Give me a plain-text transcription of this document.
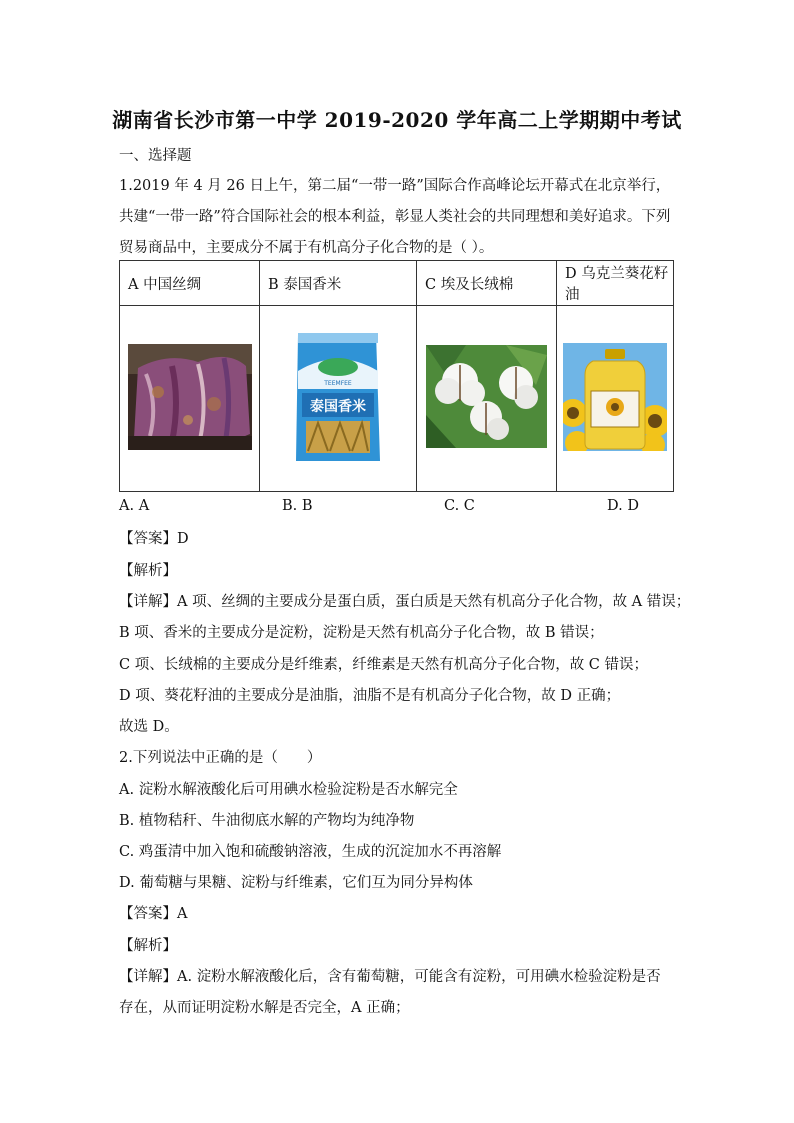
湖南省长沙市第一中学 2019-2020 学年高二上学期期中考试
一、选择题
1.2019 年 4 月 26 日上午，第二届“一带一路”国际合作高峰论坛开幕式在北京举行，共建“一带一路”符合国际社会的根本利益，彰显人类社会的共同理想和美好追求。下列贸易商品中，主要成分不属于有机高分子化合物的是（ ）。
A 中国丝绸	B 泰国香米	C 埃及长绒棉	D 乌克兰葵花籽油

TEEMFEE
泰国香米

A. A	B. B	C. C	D. D
【答案】D
【解析】
【详解】A 项、丝绸的主要成分是蛋白质，蛋白质是天然有机高分子化合物，故 A 错误；
B 项、香米的主要成分是淀粉，淀粉是天然有机高分子化合物，故 B 错误；
C 项、长绒棉的主要成分是纤维素，纤维素是天然有机高分子化合物，故 C 错误；
D 项、葵花籽油的主要成分是油脂，油脂不是有机高分子化合物，故 D 正确；
故选 D。
2.下列说法中正确的是（　　）
A. 淀粉水解液酸化后可用碘水检验淀粉是否水解完全
B. 植物秸秆、牛油彻底水解的产物均为纯净物
C. 鸡蛋清中加入饱和硫酸钠溶液，生成的沉淀加水不再溶解
D. 葡萄糖与果糖、淀粉与纤维素，它们互为同分异构体
【答案】A
【解析】
【详解】A. 淀粉水解液酸化后，含有葡萄糖，可能含有淀粉，可用碘水检验淀粉是否存在，从而证明淀粉水解是否完全，A 正确；
